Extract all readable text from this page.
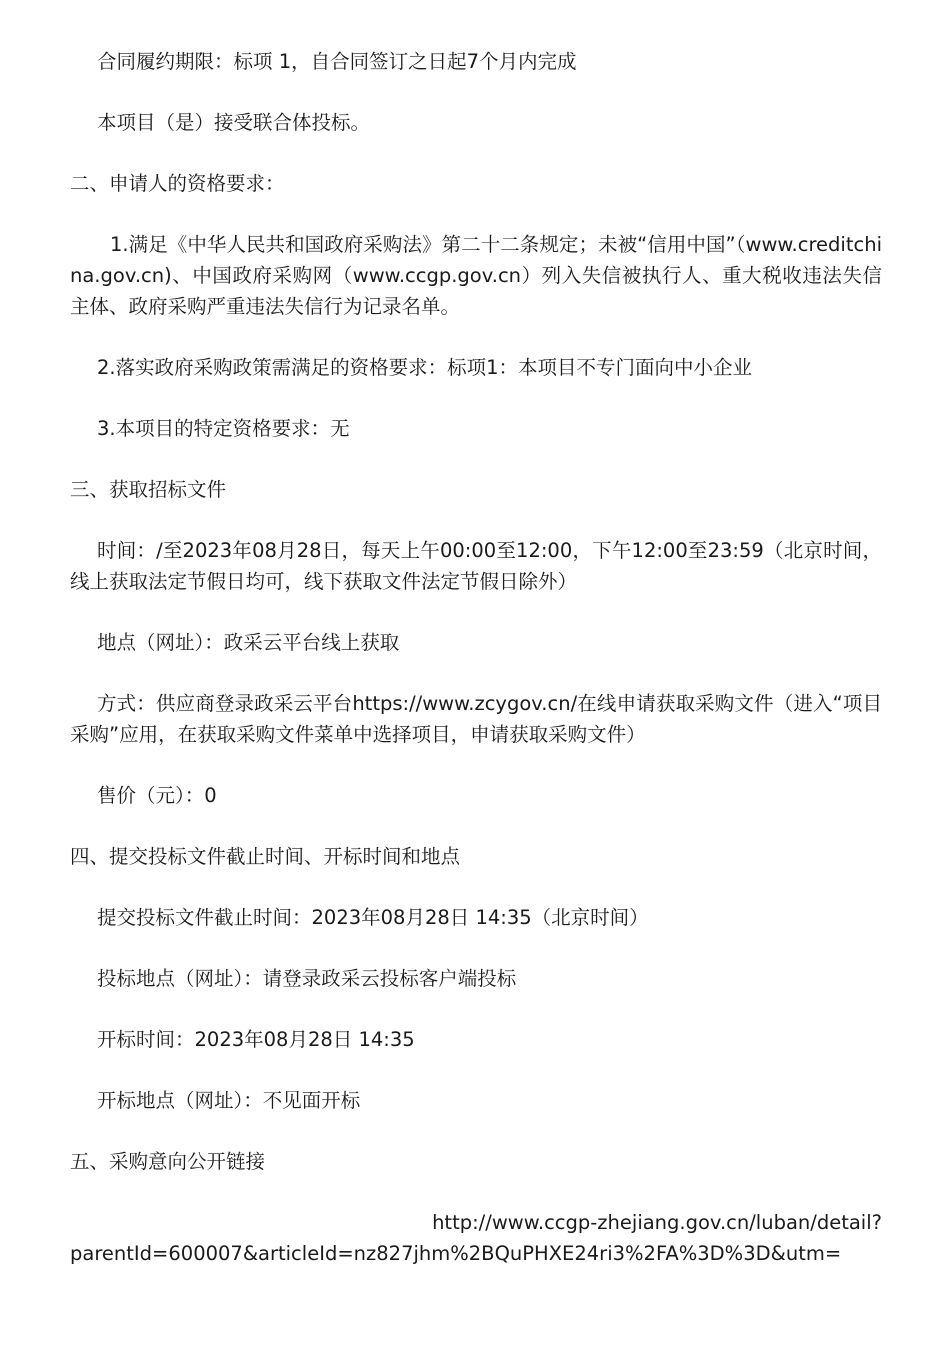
合同履约期限：标项 1，自合同签订之日起7个月内完成

本项目（是）接受联合体投标。

二、申请人的资格要求：

1.满足《中华人民共和国政府采购法》第二十二条规定；未被“信用中国”（www.creditchina.gov.cn)、中国政府采购网（www.ccgp.gov.cn）列入失信被执行人、重大税收违法失信主体、政府采购严重违法失信行为记录名单。

2.落实政府采购政策需满足的资格要求：标项1：本项目不专门面向中小企业

3.本项目的特定资格要求：无

三、获取招标文件

时间：/至2023年08月28日，每天上午00:00至12:00，下午12:00至23:59（北京时间，线上获取法定节假日均可，线下获取文件法定节假日除外）

地点（网址）：政采云平台线上获取

方式：供应商登录政采云平台https://www.zcygov.cn/在线申请获取采购文件（进入“项目采购”应用，在获取采购文件菜单中选择项目，申请获取采购文件）

售价（元）：0

四、提交投标文件截止时间、开标时间和地点

提交投标文件截止时间：2023年08月28日 14:35（北京时间）

投标地点（网址）：请登录政采云投标客户端投标

开标时间：2023年08月28日 14:35

开标地点（网址）：不见面开标

五、采购意向公开链接

http://www.ccgp-zhejiang.gov.cn/luban/detail?
parentId=600007&articleId=nz827jhm%2BQuPHXE24ri3%2FA%3D%3D&utm=
